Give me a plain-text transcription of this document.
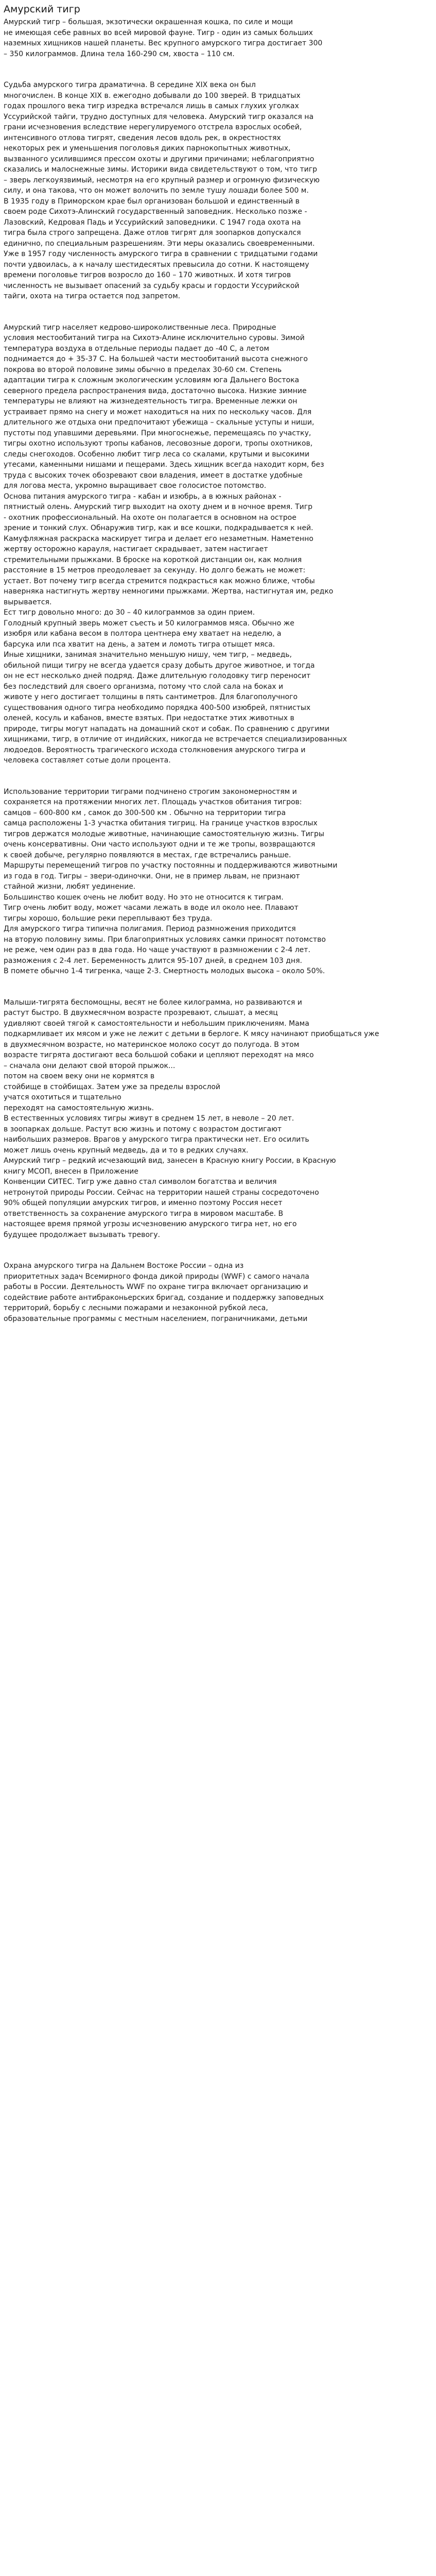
Амурский тигр
Амурский тигр – большая, экзотически окрашенная кошка, по силе и мощи
не имеющая себе равных во всей мировой фауне. Тигр - один из самых больших
наземных хищников нашей планеты. Вес крупного амурского тигра достигает 300
– 350 килограммов. Длина тела 160-290 см, хвоста – 110 см.
Судьба амурского тигра драматична. В середине XIX века он был
многочислен. В конце XIX в. ежегодно добывали до 100 зверей. В тридцатых
годах прошлого века тигр изредка встречался лишь в самых глухих уголках
Уссурийской тайги, трудно доступных для человека. Амурский тигр оказался на
грани исчезновения вследствие нерегулируемого отстрела взрослых особей,
интенсивного отлова тигрят, сведения лесов вдоль рек, в окрестностях
некоторых рек и уменьшения поголовья диких парнокопытных животных,
вызванного усилившимся прессом охоты и другими причинами; неблагоприятно
сказались и малоснежные зимы. Историки вида свидетельствуют о том, что тигр
– зверь легкоуязвимый, несмотря на его крупный размер и огромную физическую
силу, и она такова, что он может волочить по земле тушу лошади более 500 м.
В 1935 году в Приморском крае был организован большой и единственный в
своем роде Сихотэ-Алинский государственный заповедник. Несколько позже -
Лазовский, Кедровая Падь и Уссурийский заповедники. С 1947 года охота на
тигра была строго запрещена. Даже отлов тигрят для зоопарков допускался
единично, по специальным разрешениям. Эти меры оказались своевременными.
Уже в 1957 году численность амурского тигра в сравнении с тридцатыми годами
почти удвоилась, а к началу шестидесятых превысила до сотни. К настоящему
времени поголовье тигров возросло до 160 – 170 животных. И хотя тигров
численность не вызывает опасений за судьбу красы и гордости Уссурийской
тайги, охота на тигра остается под запретом.
Амурский тигр населяет кедрово-широколиственные леса. Природные
условия местообитаний тигра на Сихотэ-Алине исключительно суровы. Зимой
температура воздуха в отдельные периоды падает до -40 С, а летом
поднимается до + 35-37 С. На большей части местообитаний высота снежного
покрова во второй половине зимы обычно в пределах 30-60 см. Степень
адаптации тигра к сложным экологическим условиям юга Дальнего Востока
северного предела распространения вида, достаточно высока. Низкие зимние
температуры не влияют на жизнедеятельность тигра. Временные лежки он
устраивает прямо на снегу и может находиться на них по нескольку часов. Для
длительного же отдыха они предпочитают убежища – скальные уступы и ниши,
пустоты под упавшими деревьями. При многоснежье, перемещаясь по участку,
тигры охотно используют тропы кабанов, лесовозные дороги, тропы охотников,
следы снегоходов. Особенно любит тигр леса со скалами, крутыми и высокими
утесами, каменными нишами и пещерами. Здесь хищник всегда находит корм, без
труда с высоких точек обозревают свои владения, имеет в достатке удобные
для логова места, укромно выращивает свое голосистое потомство.
Основа питания амурского тигра - кабан и изюбрь, а в южных районах -
пятнистый олень. Амурский тигр выходит на охоту днем и в ночное время. Тигр
- охотник профессиональный. На охоте он полагается в основном на острое
зрение и тонкий слух. Обнаружив тигр, как и все кошки, подкрадывается к ней.
Камуфляжная раскраска маскирует тигра и делает его незаметным. Наметенно
жертву осторожно карауля, настигает скрадывает, затем настигает
стремительными прыжками. В броске на короткой дистанции он, как молния
расстояние в 15 метров преодолевает за секунду. Но долго бежать не может:
устает. Вот почему тигр всегда стремится подкрасться как можно ближе, чтобы
наверняка настигнуть жертву немногими прыжками. Жертва, настигнутая им, редко
вырывается.
Ест тигр довольно много: до 30 – 40 килограммов за один прием.
Голодный крупный зверь может съесть и 50 килограммов мяса. Обычно же
изюбря или кабана весом в полтора центнера ему хватает на неделю, а
барсука или пса хватит на день, а затем и ломоть тигра отыщет мяса.
Иные хищники, занимая значительно меньшую нишу, чем тигр, – медведь,
обильной пищи тигру не всегда удается сразу добыть другое животное, и тогда
он не ест несколько дней подряд. Даже длительную голодовку тигр переносит
без последствий для своего организма, потому что слой сала на боках и
животе у него достигает толщины в пять сантиметров. Для благополучного
существования одного тигра необходимо порядка 400-500 изюбрей, пятнистых
оленей, косуль и кабанов, вместе взятых. При недостатке этих животных в
природе, тигры могут нападать на домашний скот и собак. По сравнению с другими
хищниками, тигр, в отличие от индийских, никогда не встречается специализированных
людоедов. Вероятность трагического исхода столкновения амурского тигра и
человека составляет сотые доли процента.
Использование территории тиграми подчинено строгим закономерностям и
сохраняется на протяжении многих лет. Площадь участков обитания тигров:
самцов – 600-800 км , самок до 300-500 км . Обычно на территории тигра
самца расположены 1-3 участка обитания тигриц. На границе участков взрослых
тигров держатся молодые животные, начинающие самостоятельную жизнь. Тигры
очень консервативны. Они часто используют одни и те же тропы, возвращаются
к своей добыче, регулярно появляются в местах, где встречались раньше.
Маршруты перемещений тигров по участку постоянны и поддерживаются животными
из года в год. Тигры – звери-одиночки. Они, не в пример львам, не признают
стайной жизни, любят уединение.
Большинство кошек очень не любит воду. Но это не относится к тиграм.
Тигр очень любит воду, может часами лежать в воде ил около нее. Плавают
тигры хорошо, большие реки переплывают без труда.
Для амурского тигра типична полигамия. Период размножения приходится
на вторую половину зимы. При благоприятных условиях самки приносят потомство
не реже, чем один раз в два года. Но чаще участвуют в размножении с 2-4 лет.
разможения с 2-4 лет. Беременность длится 95-107 дней, в среднем 103 дня.
В помете обычно 1-4 тигренка, чаще 2-3. Смертность молодых высока – около 50%.
Малыши-тигрята беспомощны, весят не более килограмма, но развиваются и
растут быстро. В двухмесячном возрасте прозревают, слышат, а месяц
удивляют своей тягой к самостоятельности и небольшим приключениям. Мама
подкармливает их мясом и уже не лежит с детьми в берлоге. К мясу начинают приобщаться уже
в двухмесячном возрасте, но материнское молоко сосут до полугода. В этом
возрасте тигрята достигают веса большой собаки и цепляют переходят на мясо
– сначала они делают свой второй прыжок...
потом на своем веку они не кормятся в
стойбище в стойбищах. Затем уже за пределы взрослой
учатся охотиться и тщательно
переходят на самостоятельную жизнь.
В естественных условиях тигры живут в среднем 15 лет, в неволе – 20 лет.
в зоопарках дольше. Растут всю жизнь и потому с возрастом достигают
наибольших размеров. Врагов у амурского тигра практически нет. Его осилить
может лишь очень крупный медведь, да и то в редких случаях.
Амурский тигр – редкий исчезающий вид, занесен в Красную книгу России, в Красную
книгу МСОП, внесен в Приложение
Конвенции СИТЕС. Тигр уже давно стал символом богатства и величия
нетронутой природы России. Сейчас на территории нашей страны сосредоточено
90% общей популяции амурских тигров, и именно поэтому Россия несет
ответственность за сохранение амурского тигра в мировом масштабе. В
настоящее время прямой угрозы исчезновению амурского тигра нет, но его
будущее продолжает вызывать тревогу.
Охрана амурского тигра на Дальнем Востоке России – одна из
приоритетных задач Всемирного фонда дикой природы (WWF) с самого начала
работы в России. Деятельность WWF по охране тигра включает организацию и
содействие работе антибраконьерских бригад, создание и поддержку заповедных
территорий, борьбу с лесными пожарами и незаконной рубкой леса,
образовательные программы с местным населением, пограничниками, детьми
